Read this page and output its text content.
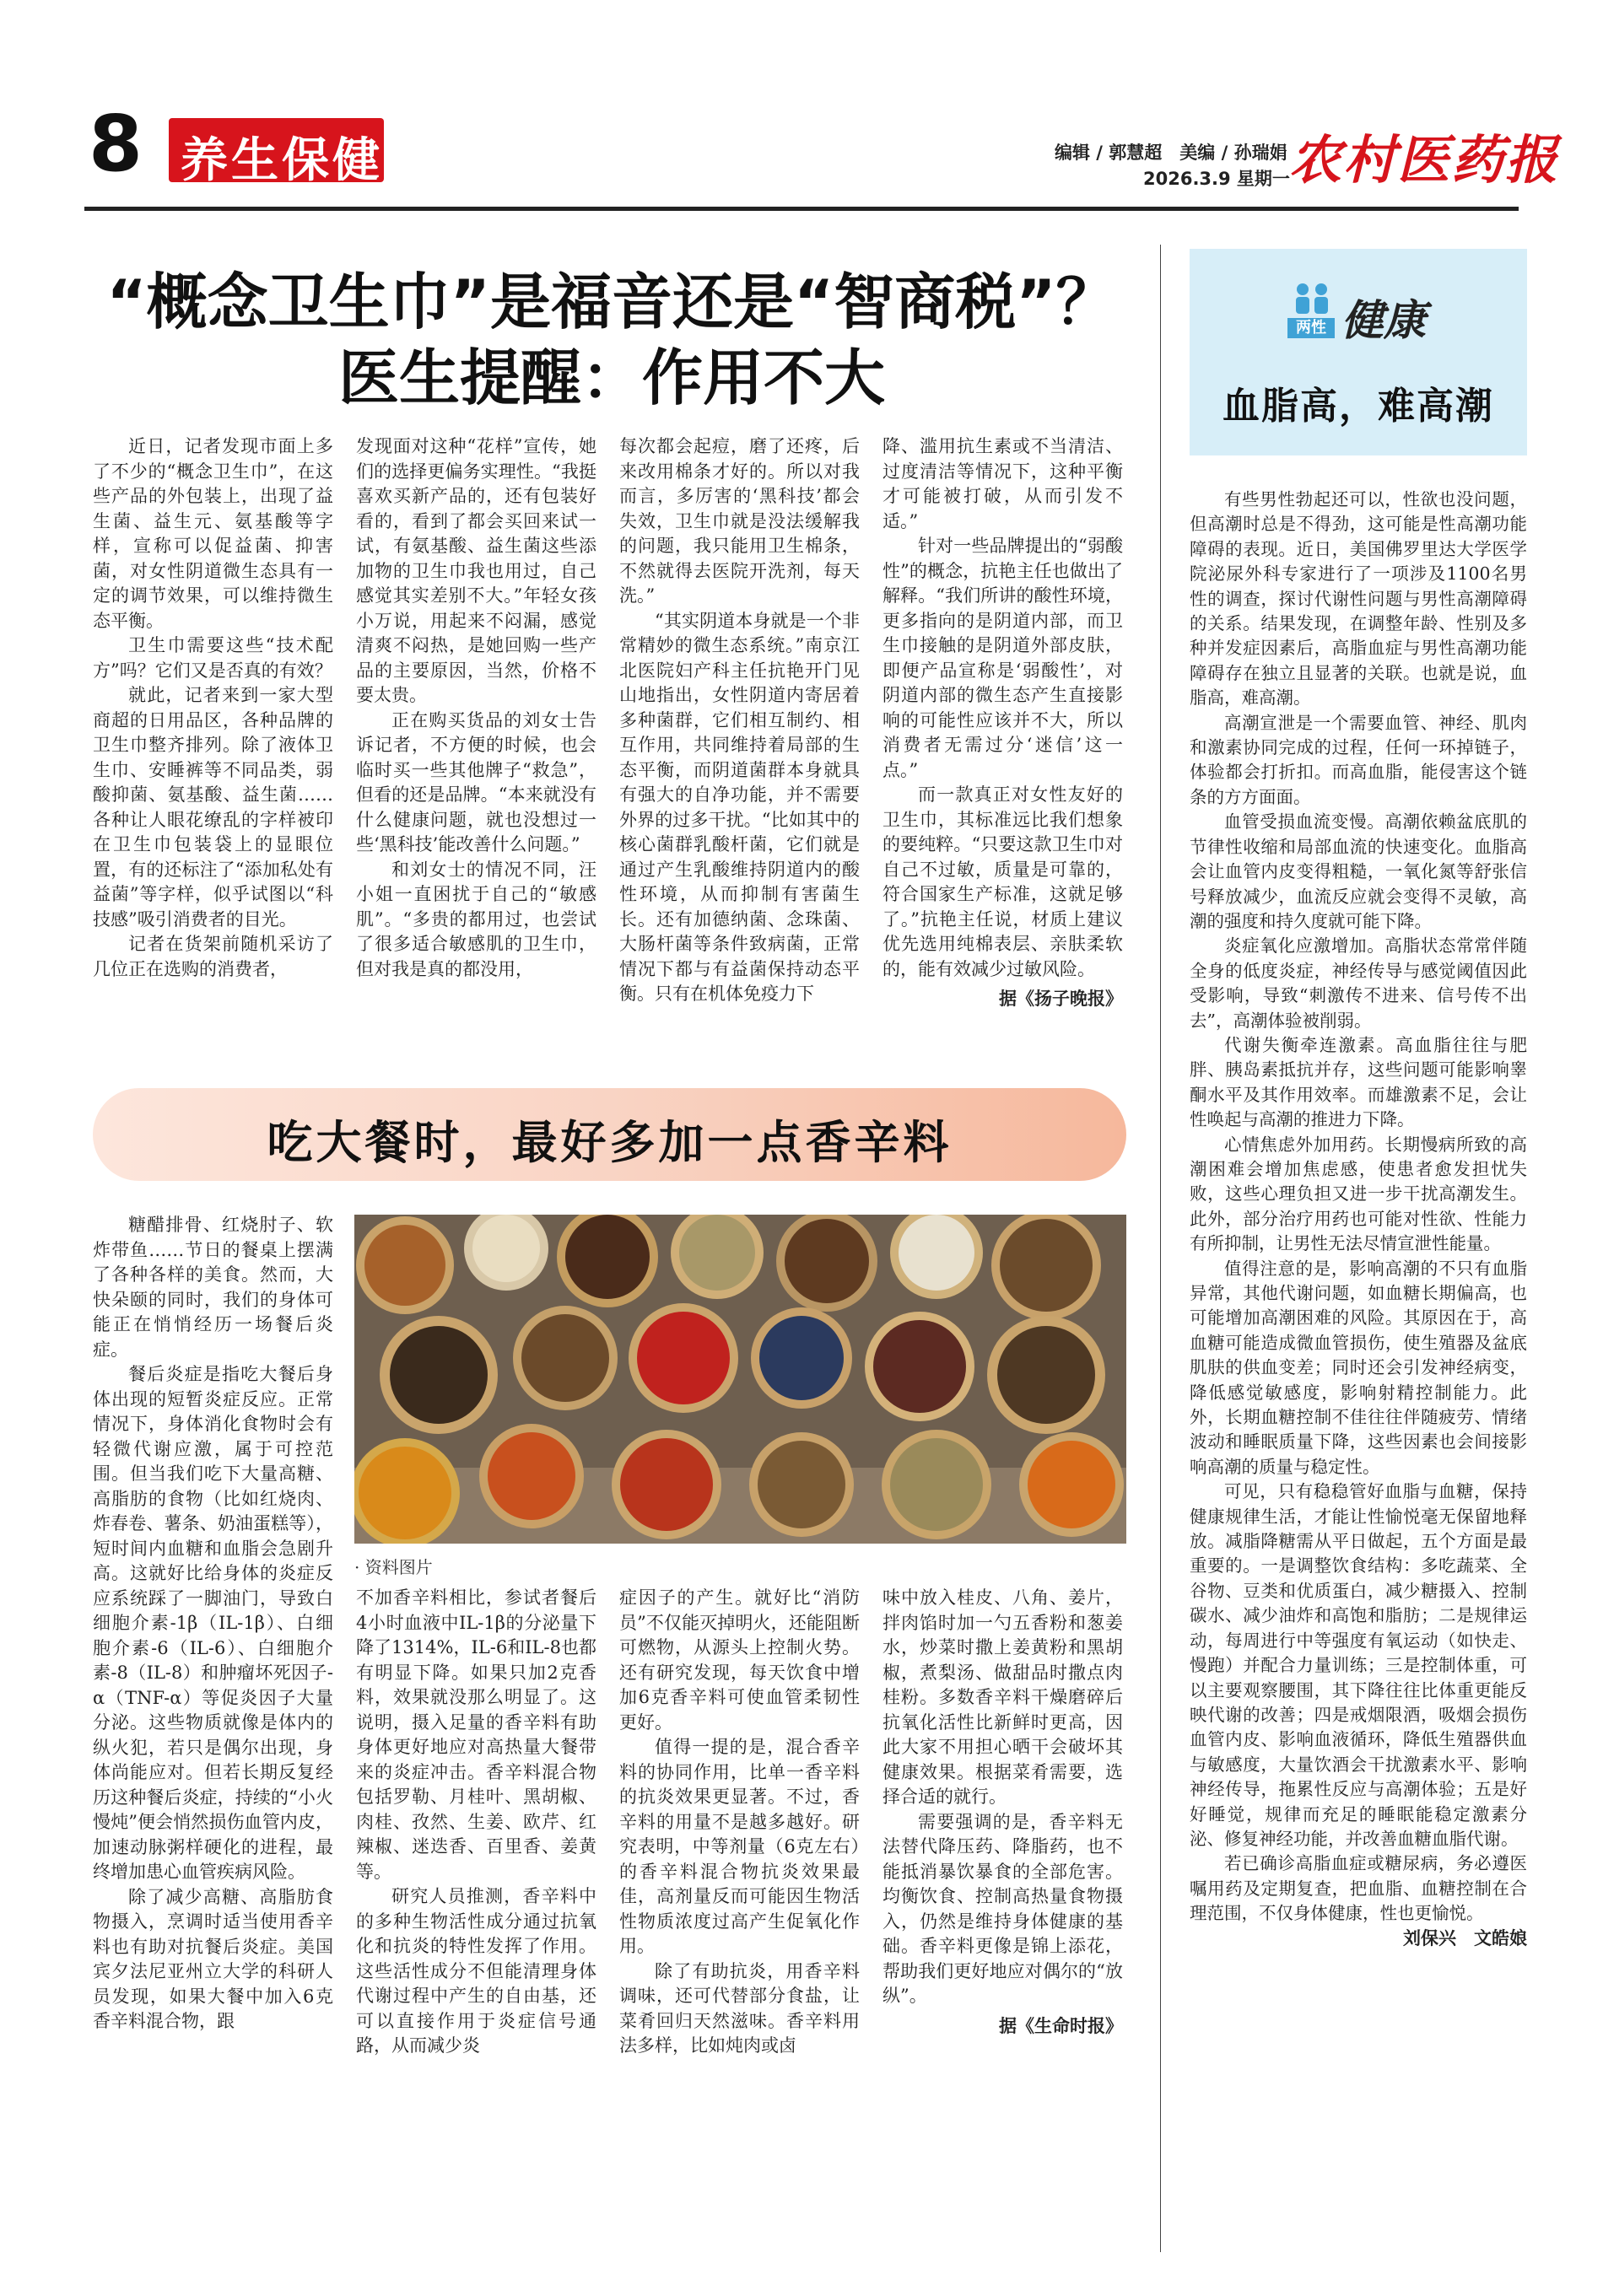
8 养生保健	编辑 / 郭慧超　美编 / 孙瑞娟
2026.3.9 星期一 农村医药报
“概念卫生巾”是福音还是“智商税”？
医生提醒：作用不大

近日，记者发现市面上多了不少的“概念卫生巾”，在这些产品的外包装上，出现了益生菌、益生元、氨基酸等字样，宣称可以促益菌、抑害菌，对女性阴道微生态具有一定的调节效果，可以维持微生态平衡。

卫生巾需要这些“技术配方”吗？它们又是否真的有效？

就此，记者来到一家大型商超的日用品区，各种品牌的卫生巾整齐排列。除了液体卫生巾、安睡裤等不同品类，弱酸抑菌、氨基酸、益生菌……各种让人眼花缭乱的字样被印在卫生巾包装袋上的显眼位置，有的还标注了“添加私处有益菌”等字样，似乎试图以“科技感”吸引消费者的目光。

记者在货架前随机采访了几位正在选购的消费者，

发现面对这种“花样”宣传，她们的选择更偏务实理性。“我挺喜欢买新产品的，还有包装好看的，看到了都会买回来试一试，有氨基酸、益生菌这些添加物的卫生巾我也用过，自己感觉其实差别不大。”年轻女孩小万说，用起来不闷漏，感觉清爽不闷热，是她回购一些产品的主要原因，当然，价格不要太贵。

正在购买货品的刘女士告诉记者，不方便的时候，也会临时买一些其他牌子“救急”，但看的还是品牌。“本来就没有什么健康问题，就也没想过一些‘黑科技’能改善什么问题。”

和刘女士的情况不同，汪小姐一直困扰于自己的“敏感肌”。“多贵的都用过，也尝试了很多适合敏感肌的卫生巾，但对我是真的都没用，

每次都会起痘，磨了还疼，后来改用棉条才好的。所以对我而言，多厉害的‘黑科技’都会失效，卫生巾就是没法缓解我的问题，我只能用卫生棉条，不然就得去医院开洗剂，每天洗。”

“其实阴道本身就是一个非常精妙的微生态系统。”南京江北医院妇产科主任抗艳开门见山地指出，女性阴道内寄居着多种菌群，它们相互制约、相互作用，共同维持着局部的生态平衡，而阴道菌群本身就具有强大的自净功能，并不需要外界的过多干扰。“比如其中的核心菌群乳酸杆菌，它们就是通过产生乳酸维持阴道内的酸性环境，从而抑制有害菌生长。还有加德纳菌、念珠菌、大肠杆菌等条件致病菌，正常情况下都与有益菌保持动态平衡。只有在机体免疫力下

降、滥用抗生素或不当清洁、过度清洁等情况下，这种平衡才可能被打破，从而引发不适。”

针对一些品牌提出的“弱酸性”的概念，抗艳主任也做出了解释。“我们所讲的酸性环境，更多指向的是阴道内部，而卫生巾接触的是阴道外部皮肤，即便产品宣称是‘弱酸性’，对阴道内部的微生态产生直接影响的可能性应该并不大，所以消费者无需过分‘迷信’这一点。”

而一款真正对女性友好的卫生巾，其标准远比我们想象的要纯粹。“只要这款卫生巾对自己不过敏，质量是可靠的，符合国家生产标准，这就足够了。”抗艳主任说，材质上建议优先选用纯棉表层、亲肤柔软的，能有效减少过敏风险。

据《扬子晚报》
吃大餐时，最好多加一点香辛料
· 资料图片

糖醋排骨、红烧肘子、软炸带鱼……节日的餐桌上摆满了各种各样的美食。然而，大快朵颐的同时，我们的身体可能正在悄悄经历一场餐后炎症。

餐后炎症是指吃大餐后身体出现的短暂炎症反应。正常情况下，身体消化食物时会有轻微代谢应激，属于可控范围。但当我们吃下大量高糖、高脂肪的食物（比如红烧肉、炸春卷、薯条、奶油蛋糕等），短时间内血糖和血脂会急剧升高。这就好比给身体的炎症反应系统踩了一脚油门，导致白细胞介素-1β（IL-1β）、白细胞介素-6（IL-6）、白细胞介素-8（IL-8）和肿瘤坏死因子-α（TNF-α）等促炎因子大量分泌。这些物质就像是体内的纵火犯，若只是偶尔出现，身体尚能应对。但若长期反复经历这种餐后炎症，持续的“小火慢炖”便会悄然损伤血管内皮，加速动脉粥样硬化的进程，最终增加患心血管疾病风险。

除了减少高糖、高脂肪食物摄入，烹调时适当使用香辛料也有助对抗餐后炎症。美国宾夕法尼亚州立大学的科研人员发现，如果大餐中加入6克香辛料混合物，跟

不加香辛料相比，参试者餐后4小时血液中IL-1β的分泌量下降了1314%，IL-6和IL-8也都有明显下降。如果只加2克香料，效果就没那么明显了。这说明，摄入足量的香辛料有助身体更好地应对高热量大餐带来的炎症冲击。香辛料混合物包括罗勒、月桂叶、黑胡椒、肉桂、孜然、生姜、欧芹、红辣椒、迷迭香、百里香、姜黄等。

研究人员推测，香辛料中的多种生物活性成分通过抗氧化和抗炎的特性发挥了作用。这些活性成分不但能清理身体代谢过程中产生的自由基，还可以直接作用于炎症信号通路，从而减少炎

症因子的产生。就好比“消防员”不仅能灭掉明火，还能阻断可燃物，从源头上控制火势。还有研究发现，每天饮食中增加6克香辛料可使血管柔韧性更好。

值得一提的是，混合香辛料的协同作用，比单一香辛料的抗炎效果更显著。不过，香辛料的用量不是越多越好。研究表明，中等剂量（6克左右）的香辛料混合物抗炎效果最佳，高剂量反而可能因生物活性物质浓度过高产生促氧化作用。

除了有助抗炎，用香辛料调味，还可代替部分食盐，让菜肴回归天然滋味。香辛料用法多样，比如炖肉或卤

味中放入桂皮、八角、姜片，拌肉馅时加一勺五香粉和葱姜水，炒菜时撒上姜黄粉和黑胡椒，煮梨汤、做甜品时撒点肉桂粉。多数香辛料干燥磨碎后抗氧化活性比新鲜时更高，因此大家不用担心晒干会破坏其健康效果。根据菜肴需要，选择合适的就行。

需要强调的是，香辛料无法替代降压药、降脂药，也不能抵消暴饮暴食的全部危害。均衡饮食、控制高热量食物摄入，仍然是维持身体健康的基础。香辛料更像是锦上添花，帮助我们更好地应对偶尔的“放纵”。

据《生命时报》
两性 健康
血脂高，难高潮

有些男性勃起还可以，性欲也没问题，但高潮时总是不得劲，这可能是性高潮功能障碍的表现。近日，美国佛罗里达大学医学院泌尿外科专家进行了一项涉及1100名男性的调查，探讨代谢性问题与男性高潮障碍的关系。结果发现，在调整年龄、性别及多种并发症因素后，高脂血症与男性高潮功能障碍存在独立且显著的关联。也就是说，血脂高，难高潮。

高潮宣泄是一个需要血管、神经、肌肉和激素协同完成的过程，任何一环掉链子，体验都会打折扣。而高血脂，能侵害这个链条的方方面面。

血管受损血流变慢。高潮依赖盆底肌的节律性收缩和局部血流的快速变化。血脂高会让血管内皮变得粗糙，一氧化氮等舒张信号释放减少，血流反应就会变得不灵敏，高潮的强度和持久度就可能下降。

炎症氧化应激增加。高脂状态常常伴随全身的低度炎症，神经传导与感觉阈值因此受影响，导致“刺激传不进来、信号传不出去”，高潮体验被削弱。

代谢失衡牵连激素。高血脂往往与肥胖、胰岛素抵抗并存，这些问题可能影响睾酮水平及其作用效率。而雄激素不足，会让性唤起与高潮的推进力下降。

心情焦虑外加用药。长期慢病所致的高潮困难会增加焦虑感，使患者愈发担忧失败，这些心理负担又进一步干扰高潮发生。此外，部分治疗用药也可能对性欲、性能力有所抑制，让男性无法尽情宣泄性能量。

值得注意的是，影响高潮的不只有血脂异常，其他代谢问题，如血糖长期偏高，也可能增加高潮困难的风险。其原因在于，高血糖可能造成微血管损伤，使生殖器及盆底肌肤的供血变差；同时还会引发神经病变，降低感觉敏感度，影响射精控制能力。此外，长期血糖控制不佳往往伴随疲劳、情绪波动和睡眠质量下降，这些因素也会间接影响高潮的质量与稳定性。

可见，只有稳稳管好血脂与血糖，保持健康规律生活，才能让性愉悦毫无保留地释放。减脂降糖需从平日做起，五个方面是最重要的。一是调整饮食结构：多吃蔬菜、全谷物、豆类和优质蛋白，减少糖摄入、控制碳水、减少油炸和高饱和脂肪；二是规律运动，每周进行中等强度有氧运动（如快走、慢跑）并配合力量训练；三是控制体重，可以主要观察腰围，其下降往往比体重更能反映代谢的改善；四是戒烟限酒，吸烟会损伤血管内皮、影响血液循环，降低生殖器供血与敏感度，大量饮酒会干扰激素水平、影响神经传导，拖累性反应与高潮体验；五是好好睡觉，规律而充足的睡眠能稳定激素分泌、修复神经功能，并改善血糖血脂代谢。

若已确诊高脂血症或糖尿病，务必遵医嘱用药及定期复查，把血脂、血糖控制在合理范围，不仅身体健康，性也更愉悦。

刘保兴　文皓娘
